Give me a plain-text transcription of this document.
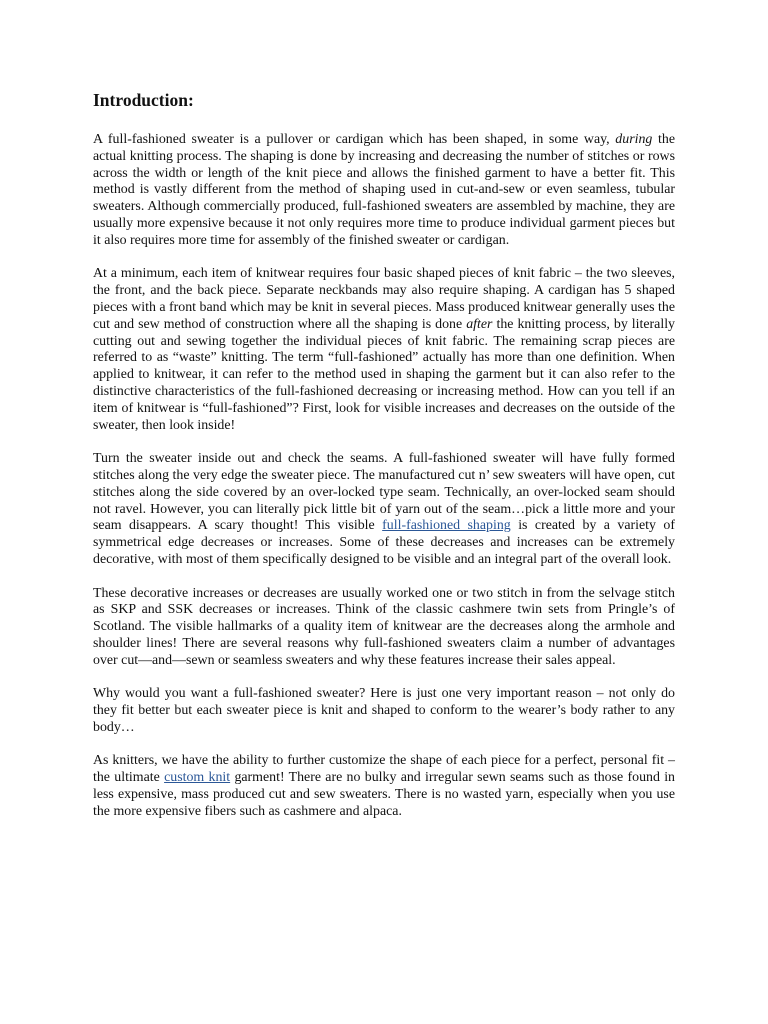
Introduction:

A full-fashioned sweater is a pullover or cardigan which has been shaped, in some way, during the actual knitting process. The shaping is done by increasing and decreasing the number of stitches or rows across the width or length of the knit piece and allows the finished garment to have a better fit. This method is vastly different from the method of shaping used in cut-and-sew or even seamless, tubular sweaters. Although commercially produced, full-fashioned sweaters are assembled by machine, they are usually more expensive because it not only requires more time to produce individual garment pieces but it also requires more time for assembly of the finished sweater or cardigan.

At a minimum, each item of knitwear requires four basic shaped pieces of knit fabric – the two sleeves, the front, and the back piece. Separate neckbands may also require shaping. A cardigan has 5 shaped pieces with a front band which may be knit in several pieces. Mass produced knitwear generally uses the cut and sew method of construction where all the shaping is done after the knitting process, by literally cutting out and sewing together the individual pieces of knit fabric. The remaining scrap pieces are referred to as “waste” knitting. The term “full-fashioned” actually has more than one definition. When applied to knitwear, it can refer to the method used in shaping the garment but it can also refer to the distinctive characteristics of the full-fashioned decreasing or increasing method. How can you tell if an item of knitwear is “full-fashioned”? First, look for visible increases and decreases on the outside of the sweater, then look inside!

Turn the sweater inside out and check the seams. A full-fashioned sweater will have fully formed stitches along the very edge the sweater piece. The manufactured cut n’ sew sweaters will have open, cut stitches along the side covered by an over-locked type seam. Technically, an over-locked seam should not ravel. However, you can literally pick little bit of yarn out of the seam…pick a little more and your seam disappears. A scary thought! This visible full-fashioned shaping is created by a variety of symmetrical edge decreases or increases. Some of these decreases and increases can be extremely decorative, with most of them specifically designed to be visible and an integral part of the overall look.

These decorative increases or decreases are usually worked one or two stitch in from the selvage stitch as SKP and SSK decreases or increases. Think of the classic cashmere twin sets from Pringle’s of Scotland. The visible hallmarks of a quality item of knitwear are the decreases along the armhole and shoulder lines! There are several reasons why full-fashioned sweaters claim a number of advantages over cut—and—sewn or seamless sweaters and why these features increase their sales appeal.

Why would you want a full-fashioned sweater? Here is just one very important reason – not only do they fit better but each sweater piece is knit and shaped to conform to the wearer’s body rather to any body…

As knitters, we have the ability to further customize the shape of each piece for a perfect, personal fit – the ultimate custom knit garment! There are no bulky and irregular sewn seams such as those found in less expensive, mass produced cut and sew sweaters. There is no wasted yarn, especially when you use the more expensive fibers such as cashmere and alpaca.
